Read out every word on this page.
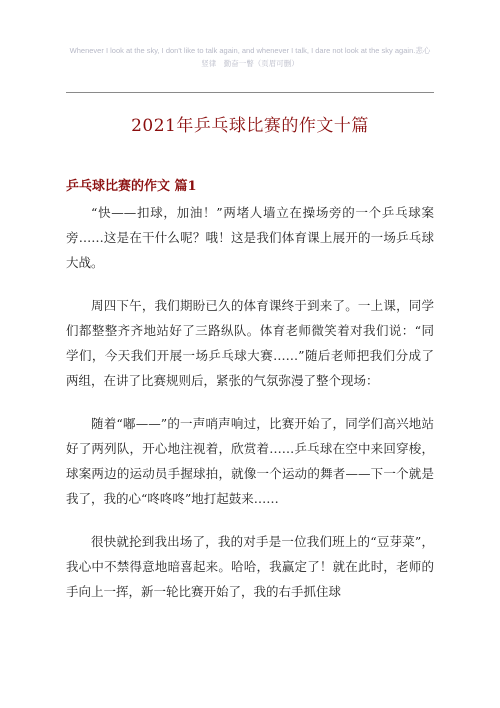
Whenever I look at the sky, I don't like to talk again, and whenever I talk, I dare not look at the sky again.悲心竖律　勤奋一瞥（页眉可删）
2021年乒乓球比赛的作文十篇
乒乓球比赛的作文 篇1

“快——扣球，加油！”两堵人墙立在操场旁的一个乒乓球案旁……这是在干什么呢？哦！这是我们体育课上展开的一场乒乓球大战。

周四下午，我们期盼已久的体育课终于到来了。一上课，同学们都整整齐齐地站好了三路纵队。体育老师微笑着对我们说：“同学们，今天我们开展一场乒乓球大赛……”随后老师把我们分成了两组，在讲了比赛规则后，紧张的气氛弥漫了整个现场：

随着“嘟——”的一声哨声响过，比赛开始了，同学们高兴地站好了两列队，开心地注视着，欣赏着……乒乓球在空中来回穿梭，球案两边的运动员手握球拍，就像一个运动的舞者——下一个就是我了，我的心“咚咚咚”地打起鼓来……

很快就抡到我出场了，我的对手是一位我们班上的“豆芽菜”，我心中不禁得意地暗喜起来。哈哈，我赢定了！就在此时，老师的手向上一挥，新一轮比赛开始了，我的右手抓住球
